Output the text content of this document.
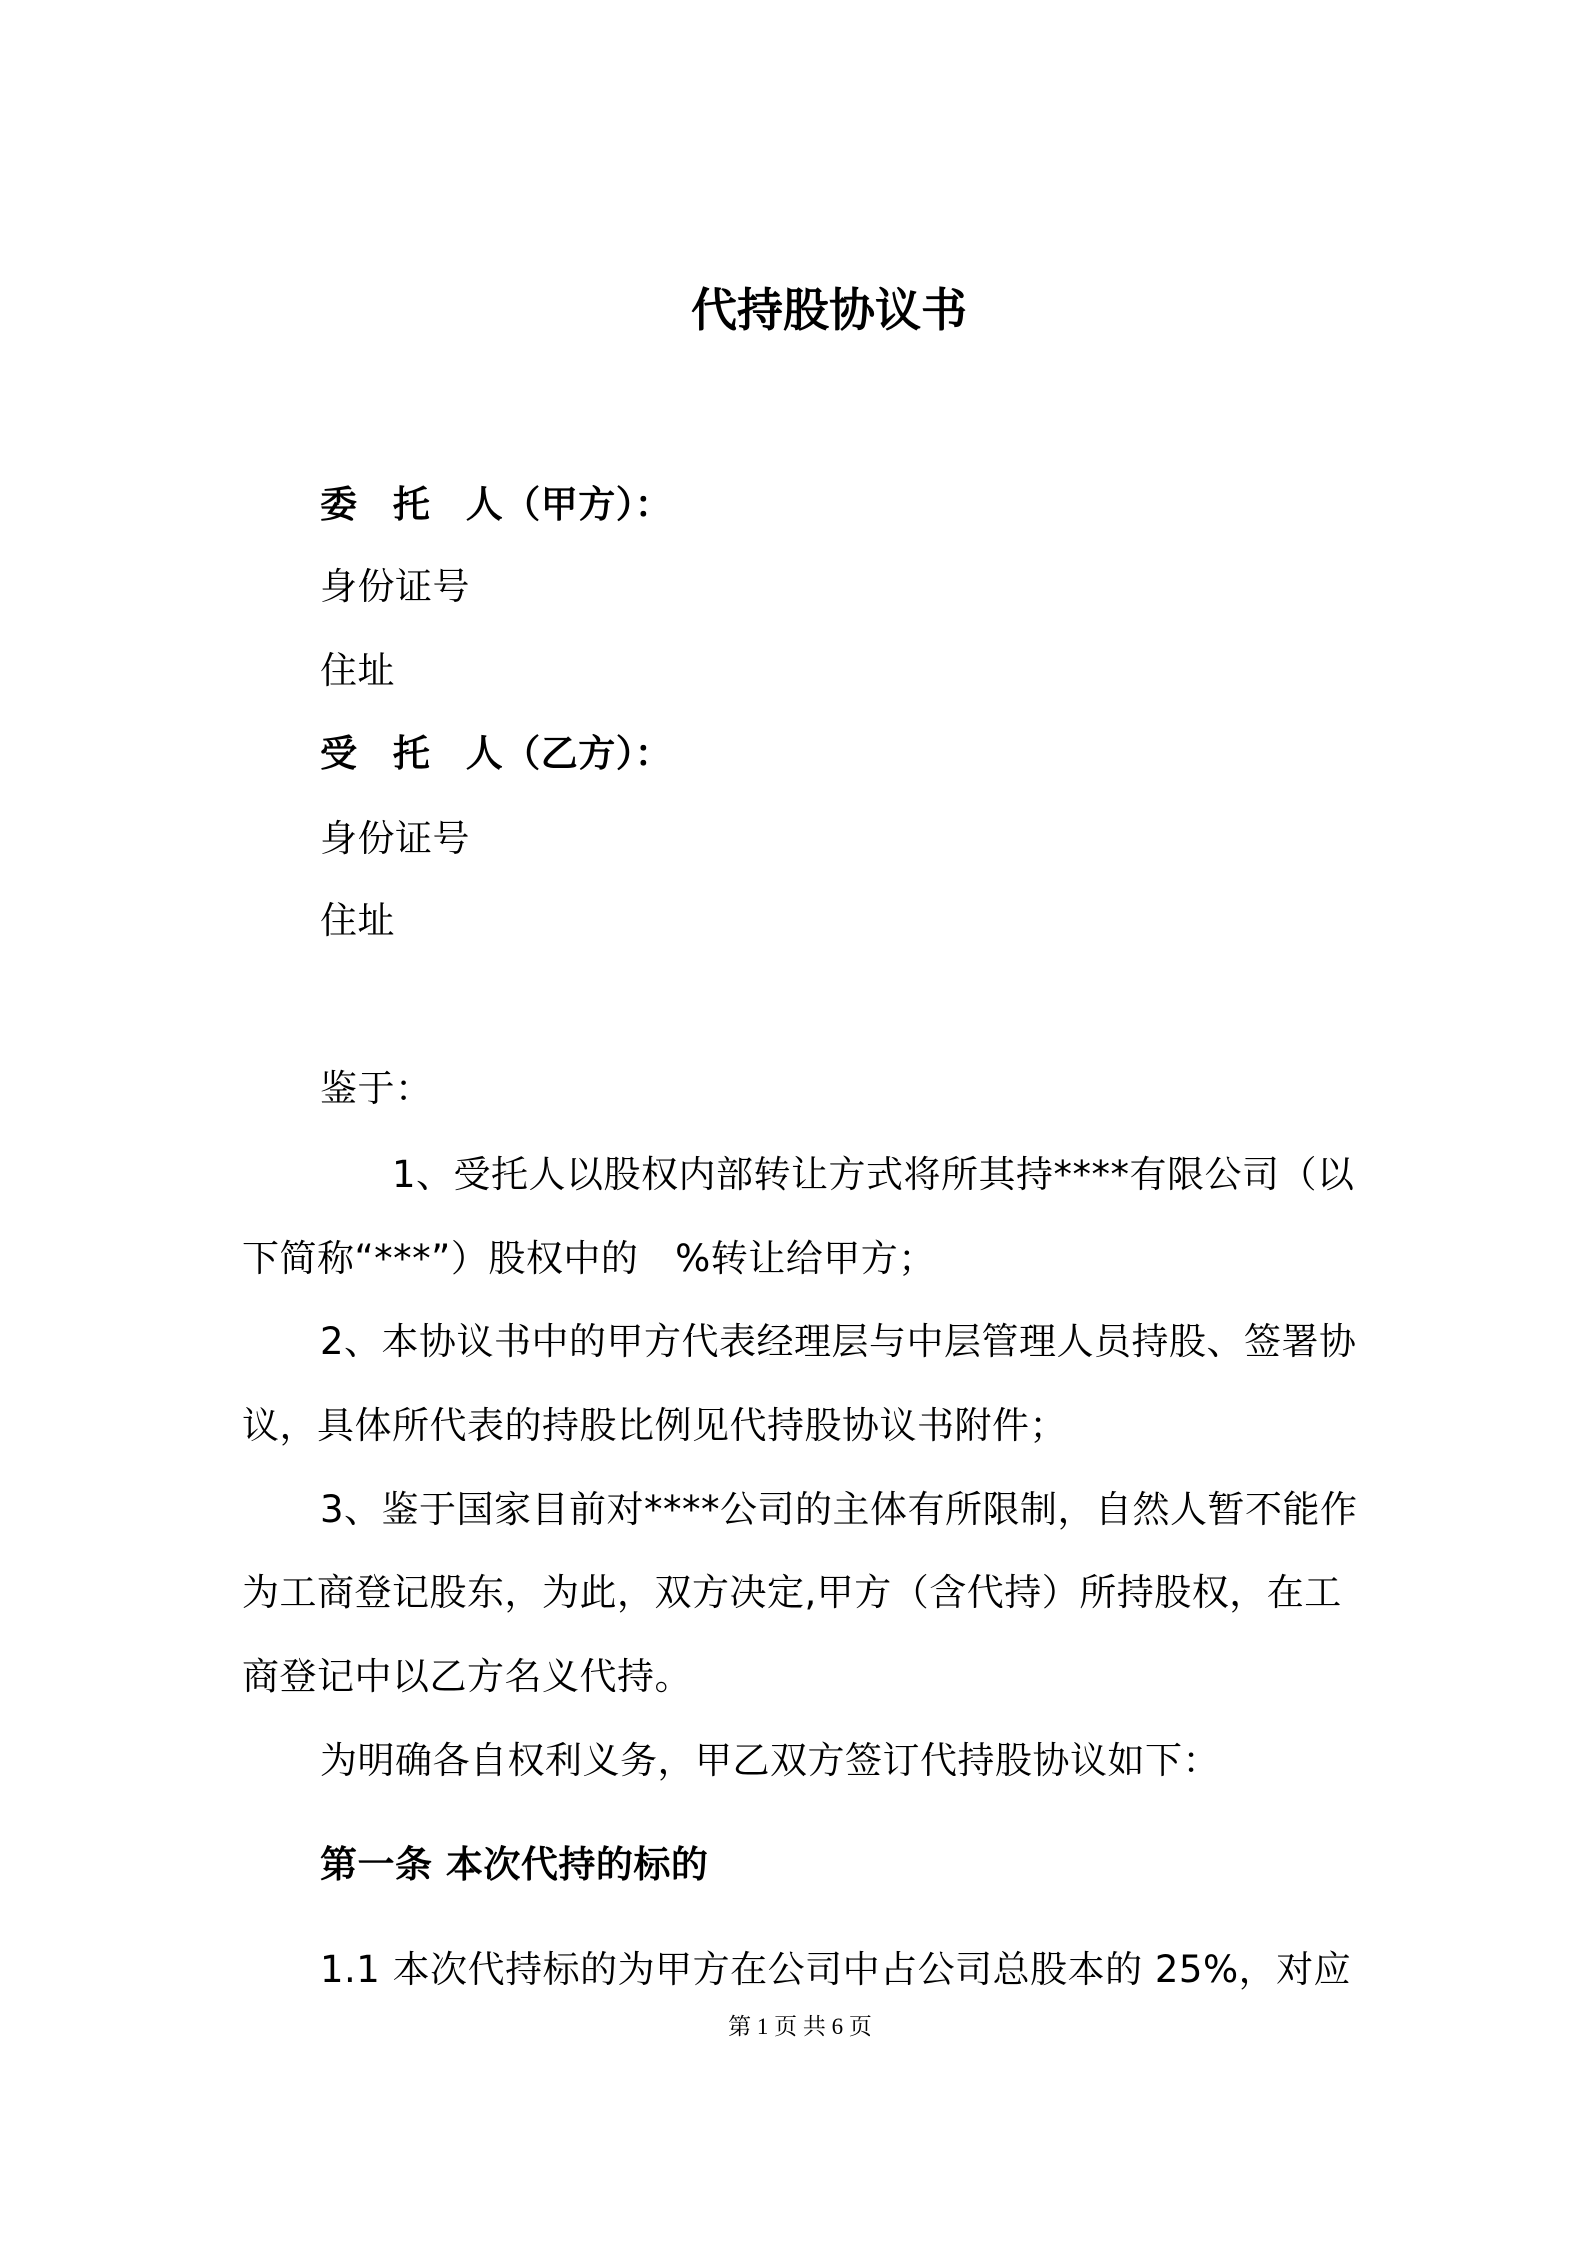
代持股协议书
委 托 人（甲方）：
身份证号
住址
受 托 人（乙方）：
身份证号
住址
鉴于：
1、受托人以股权内部转让方式将所其持****有限公司（以
下简称“***”）股权中的   %转让给甲方；
2、本协议书中的甲方代表经理层与中层管理人员持股、签署协
议，具体所代表的持股比例见代持股协议书附件；
3、鉴于国家目前对****公司的主体有所限制，自然人暂不能作
为工商登记股东，为此，双方决定,甲方（含代持）所持股权，在工
商登记中以乙方名义代持。
为明确各自权利义务，甲乙双方签订代持股协议如下：
第一条 本次代持的标的
1.1 本次代持标的为甲方在公司中占公司总股本的 25%，对应
第 1 页 共 6 页
